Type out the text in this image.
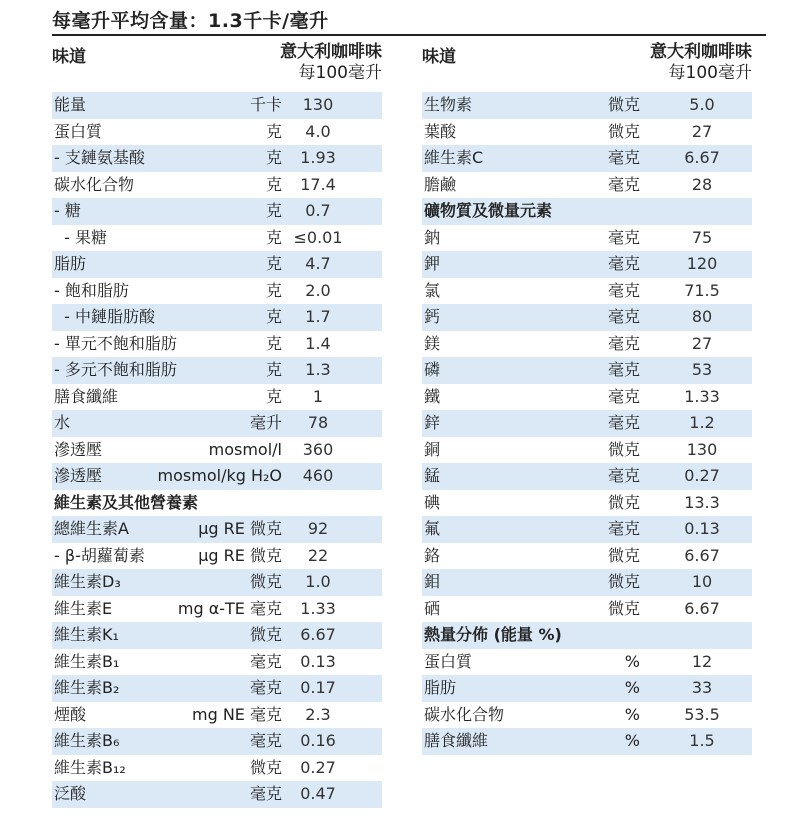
每毫升平均含量：1.3千卡/毫升
味道	意大利咖啡味
每100毫升
能量	千卡	130
蛋白質	克	4.0
- 支鏈氨基酸	克	1.93
碳水化合物	克	17.4
- 糖	克	0.7
- 果糖	克 ≤0.01
脂肪	克	4.7
- 飽和脂肪	克	2.0
- 中鏈脂肪酸	克	1.7
- 單元不飽和脂肪	克	1.4
- 多元不飽和脂肪	克	1.3
膳食纖維	克	1
水	毫升	78
滲透壓	mosmol/l	360
滲透壓	mosmol/kg H₂O	460
維生素及其他營養素
總維生素A	μg RE 微克	92
- β-胡蘿蔔素	μg RE 微克	22
維生素D₃	微克	1.0
維生素E	mg α-TE 毫克	1.33
維生素K₁	微克	6.67
維生素B₁	毫克	0.13
維生素B₂	毫克	0.17
煙酸	mg NE 毫克	2.3
維生素B₆	毫克	0.16
維生素B₁₂	微克	0.27
泛酸	毫克	0.47
味道	意大利咖啡味
每100毫升
生物素	微克	5.0
葉酸	微克	27
維生素C	毫克	6.67
膽鹼	毫克	28
礦物質及微量元素
鈉	毫克	75
鉀	毫克	120
氯	毫克	71.5
鈣	毫克	80
鎂	毫克	27
磷	毫克	53
鐵	毫克	1.33
鋅	毫克	1.2
銅	微克	130
錳	毫克	0.27
碘	微克	13.3
氟	毫克	0.13
鉻	微克	6.67
鉬	微克	10
硒	微克	6.67
熱量分佈 (能量 %)
蛋白質	%	12
脂肪	%	33
碳水化合物	%	53.5
膳食纖維	%	1.5
